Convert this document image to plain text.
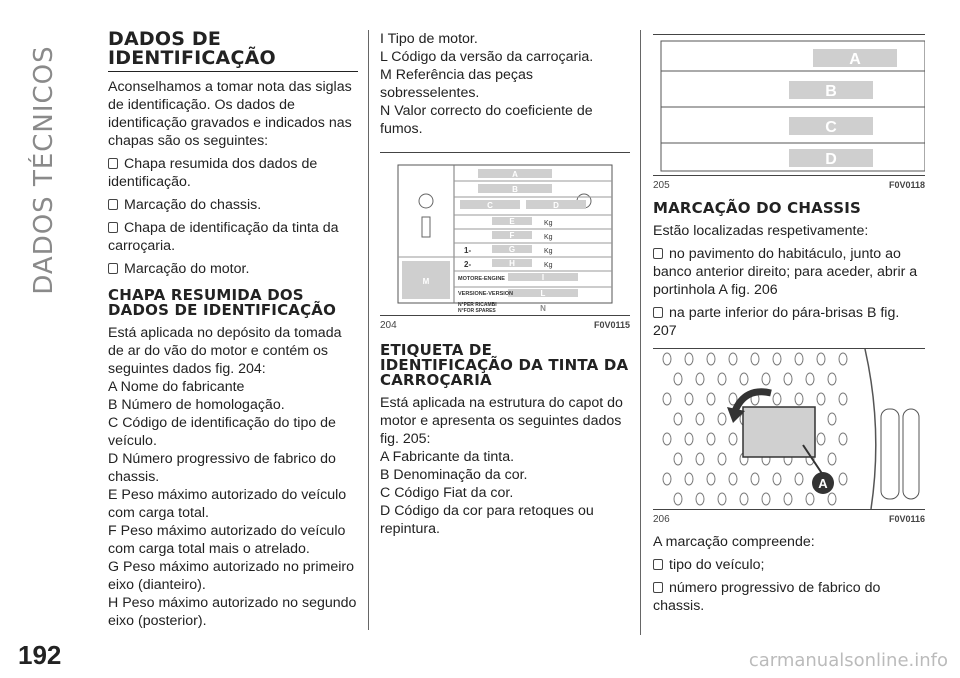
DADOS TÉCNICOS
192	carmanualsonline.info
DADOS DE IDENTIFICAÇÃO

Aconselhamos a tomar nota das siglas de identificação. Os dados de identificação gravados e indicados nas chapas são os seguintes:

Chapa resumida dos dados de identificação.

Marcação do chassis.

Chapa de identificação da tinta da carroçaria.

Marcação do motor.

CHAPA RESUMIDA DOS DADOS DE IDENTIFICAÇÃO

Está aplicada no depósito da tomada de ar do vão do motor e contém os seguintes dados fig. 204:
A Nome do fabricante
B Número de homologação.
C Código de identificação do tipo de veículo.
D Número progressivo de fabrico do chassis.
E Peso máximo autorizado do veículo com carga total.
F Peso máximo autorizado do veículo com carga total mais o atrelado.
G Peso máximo autorizado no primeiro eixo (dianteiro).
H Peso máximo autorizado no segundo eixo (posterior).

I Tipo de motor.
L Código da versão da carroçaria.
M Referência das peças sobresselentes.
N Valor correcto do coeficiente de fumos.

A
B
C	D
E
F
G
H
I
L
M
N
Kg
Kg
Kg
Kg
1-
2-
MOTORE-ENGINE
VERSIONE-VERSION
N°PER RICAMBI
N°FOR SPARES
204	F0V0115
ETIQUETA DE IDENTIFICAÇÃO DA TINTA DA CARROÇARIA

Está aplicada na estrutura do capot do motor e apresenta os seguintes dados fig. 205:
A Fabricante da tinta.
B Denominação da cor.
C Código Fiat da cor.
D Código da cor para retoques ou repintura.

A
B
C
D
205	F0V0118
MARCAÇÃO DO CHASSIS

Estão localizadas respetivamente:

no pavimento do habitáculo, junto ao banco anterior direito; para aceder, abrir a portinhola A fig. 206

na parte inferior do pára-brisas B fig. 207

A
206	F0V0116

A marcação compreende:

tipo do veículo;

número progressivo de fabrico do chassis.
